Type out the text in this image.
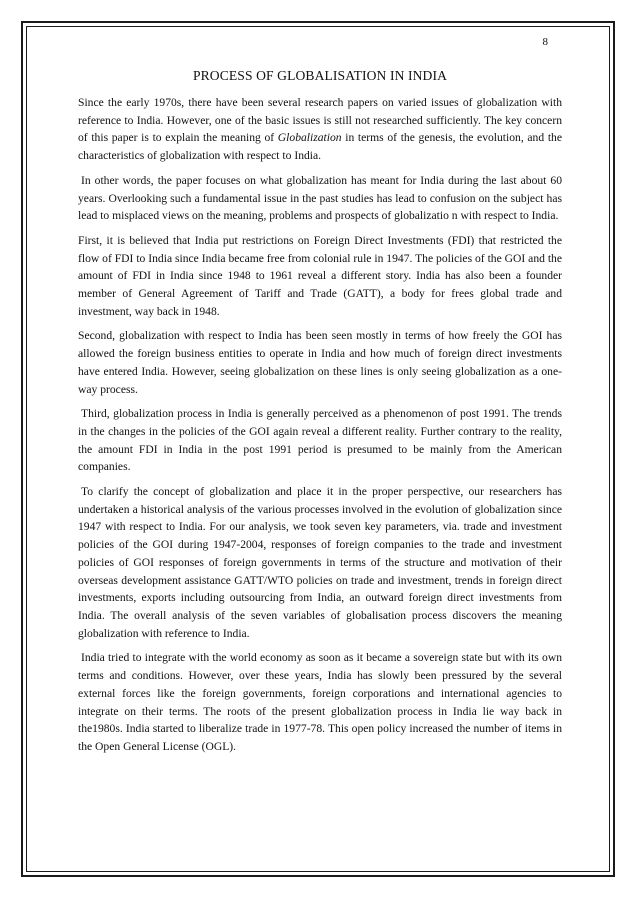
8
PROCESS OF GLOBALISATION IN INDIA

Since the early 1970s, there have been several research papers on varied issues of globalization with reference to India. However, one of the basic issues is still not researched sufficiently. The key concern of this paper is to explain the meaning of Globalization in terms of the genesis, the evolution, and the characteristics of globalization with respect to India.

In other words, the paper focuses on what globalization has meant for India during the last about 60 years. Overlooking such a fundamental issue in the past studies has lead to confusion on the subject has lead to misplaced views on the meaning, problems and prospects of globalizatio n with respect to India.

First, it is believed that India put restrictions on Foreign Direct Investments (FDI) that restricted the flow of FDI to India since India became free from colonial rule in 1947. The policies of the GOI and the amount of FDI in India since 1948 to 1961 reveal a different story. India has also been a founder member of General Agreement of Tariff and Trade (GATT), a body for frees global trade and investment, way back in 1948.

Second, globalization with respect to India has been seen mostly in terms of how freely the GOI has allowed the foreign business entities to operate in India and how much of foreign direct investments have entered India. However, seeing globalization on these lines is only seeing globalization as a one-way process.

Third, globalization process in India is generally perceived as a phenomenon of post 1991. The trends in the changes in the policies of the GOI again reveal a different reality. Further contrary to the reality, the amount FDI in India in the post 1991 period is presumed to be mainly from the American companies.

To clarify the concept of globalization and place it in the proper perspective, our researchers has undertaken a historical analysis of the various processes involved in the evolution of globalization since 1947 with respect to India. For our analysis, we took seven key parameters, via. trade and investment policies of the GOI during 1947-2004, responses of foreign companies to the trade and investment policies of GOI responses of foreign governments in terms of the structure and motivation of their overseas development assistance GATT/WTO policies on trade and investment, trends in foreign direct investments, exports including outsourcing from India, an outward foreign direct investments from India. The overall analysis of the seven variables of globalisation process discovers the meaning globalization with reference to India.

India tried to integrate with the world economy as soon as it became a sovereign state but with its own terms and conditions. However, over these years, India has slowly been pressured by the several external forces like the foreign governments, foreign corporations and international agencies to integrate on their terms. The roots of the present globalization process in India lie way back in the1980s. India started to liberalize trade in 1977-78. This open policy increased the number of items in the Open General License (OGL).
